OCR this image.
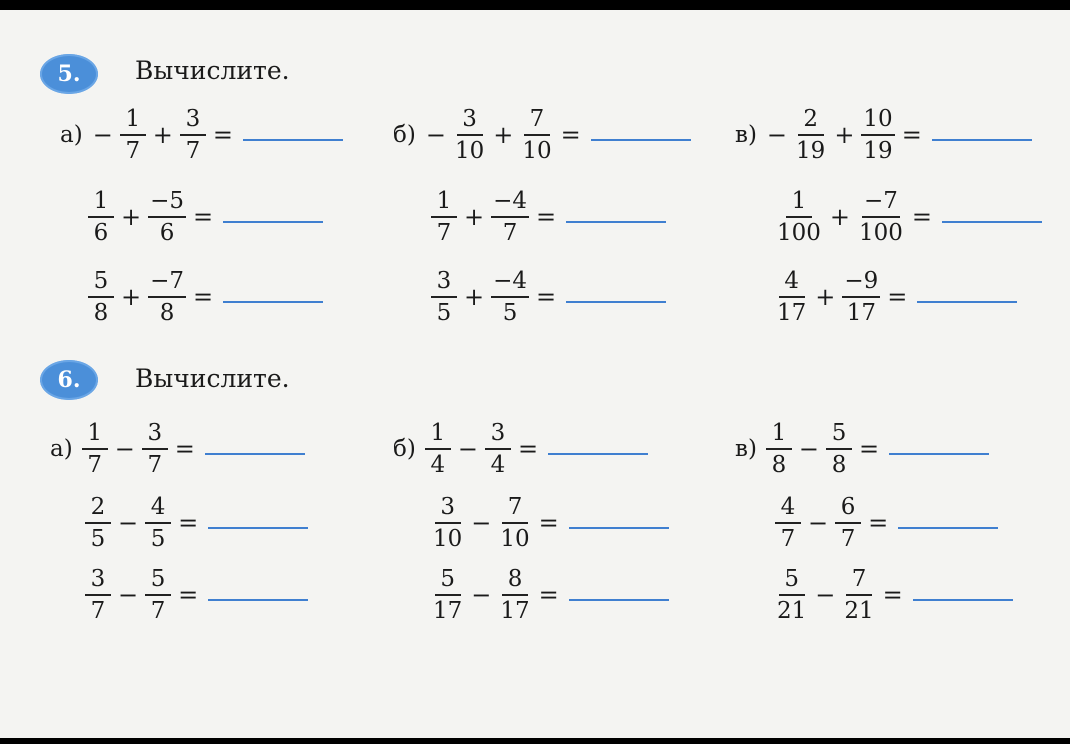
5. Вычислите.
$а) - \frac{1}{7} + \frac{3}{7}$ =
$\frac{1}{6} + \frac{-5}{6}$ =
$\frac{5}{8} + \frac{-7}{8}$ =
$б) - \frac{3}{10} + \frac{7}{10}$ =
$\frac{1}{7} + \frac{-4}{7}$ =
$\frac{3}{5} + \frac{-4}{5}$ =
$в) - \frac{2}{19} + \frac{10}{19}$ =
$\frac{1}{100} + \frac{-7}{100}$ =
$\frac{4}{17} + \frac{-9}{17}$ =
6. Вычислите.
$а) \frac{1}{7} - \frac{3}{7}$ =
$\frac{2}{5} - \frac{4}{5}$ =
$\frac{3}{7} - \frac{5}{7}$ =
$б) \frac{1}{4} - \frac{3}{4}$ =
$\frac{3}{10} - \frac{7}{10}$ =
$\frac{5}{17} - \frac{8}{17}$ =
$в) \frac{1}{8} - \frac{5}{8}$ =
$\frac{4}{7} - \frac{6}{7}$ =
$\frac{5}{21} - \frac{7}{21}$ =
